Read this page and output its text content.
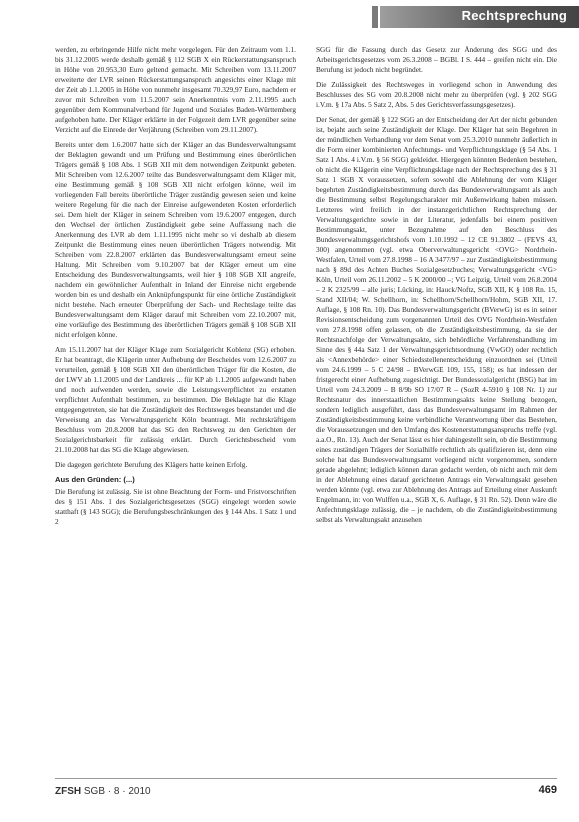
Rechtsprechung

werden, zu erbringende Hilfe nicht mehr vorgelegen. Für den Zeitraum vom 1.1. bis 31.12.2005 werde deshalb gemäß § 112 SGB X ein Rückerstattungsanspruch in Höhe von 20.953,30 Euro geltend gemacht. Mit Schreiben vom 13.11.2007 erweiterte der LVR seinen Rückerstattungsanspruch angesichts einer Klage mit der Zeit ab 1.1.2005 in Höhe von nunmehr insgesamt 70.329,97 Euro, nachdem er zuvor mit Schreiben vom 11.5.2007 sein Anerkenntnis vom 2.11.1995 auch gegenüber dem Kommunalverband für Jugend und Soziales Baden-Württemberg aufgehoben hatte. Der Kläger erklärte in der Folgezeit dem LVR gegenüber seine Verzicht auf die Einrede der Verjährung (Schreiben vom 29.11.2007).

Bereits unter dem 1.6.2007 hatte sich der Kläger an das Bundesverwaltungsamt der Beklagten gewandt und um Prüfung und Bestimmung eines überörtlichen Trägers gemäß § 108 Abs. 1 SGB XII mit dem notwendigen Zeitpunkt gebeten. Mit Schreiben vom 12.6.2007 teilte das Bundesverwaltungsamt dem Kläger mit, eine Bestimmung gemäß § 108 SGB XII nicht erfolgen könne, weil im vorliegenden Fall bereits überörtliche Träger zuständig gewesen seien und keine weitere Regelung für die nach der Einreise aufgewendeten Kosten erforderlich sei. Dem hielt der Kläger in seinem Schreiben vom 19.6.2007 entgegen, durch den Wechsel der örtlichen Zuständigkeit gebe seine Auffassung nach die Anerkennung des LVR ab dem 1.11.1995 nicht mehr so vi deshalb ab diesem Zeitpunkt die Bestimmung eines neuen überörtlichen Trägers notwendig. Mit Schreiben vom 22.8.2007 erklärten das Bundesverwaltungsamt erneut seine Haltung. Mit Schreiben vom 9.10.2007 bat der Kläger erneut um eine Entscheidung des Bundesverwaltungsamts, weil hier § 108 SGB XII angreife, nachdem ein gewöhnlicher Aufenthalt in Inland der Einreise nicht ergebende worden bin es und deshalb ein Anknüpfungspunkt für eine örtliche Zuständigkeit nicht bestehe. Nach erneuter Überprüfung der Sach- und Rechtslage teilte das Bundesverwaltungsamt dem Kläger darauf mit Schreiben vom 22.10.2007 mit, eine vorläufige des Bestimmung des überörtlichen Trägers gemäß § 108 SGB XII nicht erfolgen könne.

Am 15.11.2007 hat der Kläger Klage zum Sozialgericht Koblenz (SG) erhoben. Er hat beantragt, die Klägerin unter Aufhebung der Bescheides vom 12.6.2007 zu verurteilen, gemäß § 108 SGB XII den überörtlichen Träger für die Kosten, die der LWV ab 1.1.2005 und der Landkreis ... für KP ab 1.1.2005 aufgewandt haben und noch aufwenden werden, sowie die Leistungsverpflichtet zu erstatten verpflichtet Aufenthalt bestimmen, zu bestimmen. Die Beklagte hat die Klage entgegengetreten, sie hat die Zuständigkeit des Rechtsweges beanstandet und die Verweisung an das Verwaltungsgericht Köln beantragt. Mit rechtskräftigem Beschluss vom 20.8.2008 hat das SG den Rechtsweg zu den Gerichten der Sozialgerichtsbarkeit für zulässig erklärt. Durch Gerichtsbescheid vom 21.10.2008 hat das SG die Klage abgewiesen.

Die dagegen gerichtete Berufung des Klägers hatte keinen Erfolg.

Aus den Gründen: (...)

Die Berufung ist zulässig. Sie ist ohne Beachtung der Form- und Fristvorschriften des § 151 Abs. 1 des Sozialgerichtsgesetzes (SGG) eingelegt worden sowie statthaft (§ 143 SGG); die Berufungsbeschränkungen des § 144 Abs. 1 Satz 1 und 2

SGG für die Fassung durch das Gesetz zur Änderung des SGG und des Arbeitsgerichtsgesetzes vom 26.3.2008 – BGBl. I S. 444 – greifen nicht ein. Die Berufung ist jedoch nicht begründet.

Die Zulässigkeit des Rechtsweges in vorliegend schon in Anwendung des Beschlusses des SG vom 20.8.2008 nicht mehr zu überprüfen (vgl. § 202 SGG i.V.m. § 17a Abs. 5 Satz 2, Abs. 5 des Gerichtsverfassungsgesetzes).

Der Senat, der gemäß § 122 SGG an der Entscheidung der Art der nicht gebunden ist, bejaht auch seine Zuständigkeit der Klage. Der Kläger hat sein Begehren in der mündlichen Verhandlung vor dem Senat vom 25.3.2010 nunmehr äußerlich in die Form einer kombinierten Anfechtungs- und Verpflichtungsklage (§ 54 Abs. 1 Satz 1 Abs. 4 i.V.m. § 56 SGG) gekleidet. Hiergegen könnten Bedenken bestehen, ob nicht die Klägerin eine Verpflichtungsklage nach der Rechtsprechung des § 31 Satz 1 SGB X voraussetzen, sofern sowohl die Ablehnung der vom Kläger begehrten Zuständigkeitsbestimmung durch das Bundesverwaltungsamt als auch die Bestimmung selbst Regelungscharakter mit Außenwirkung haben müssen. Letzteres wird freilich in der instanzgerichtlichen Rechtsprechung der Verwaltungsgerichte sowie in der Literatur, jedenfalls bei einem positiven Bestimmungsakt, unter Bezugnahme auf den Beschluss des Bundesverwaltungsgerichtshofs vom 1.10.1992 – 12 CE 91.3802 – (FEVS 43, 300) angenommen (vgl. etwa Oberverwaltungsgericht <OVG> Nordrhein-Westfalen, Urteil vom 27.8.1998 – 16 A 3477/97 – zur Zuständigkeitsbestimmung nach § 89d des Achten Buches Sozialgesetzbuches; Verwaltungsgericht <VG> Köln, Urteil vom 26.11.2002 – 5 K 2000/00 –; VG Leipzig, Urteil vom 26.8.2004 – 2 K 2325/99 – alle juris; Lücking, in: Hauck/Noftz, SGB XII, K § 108 Rn. 15, Stand XII/04; W. Schellhorn, in: Schellhorn/Schellhorn/Hohm, SGB XII, 17. Auflage, § 108 Rn. 10). Das Bundesverwaltungsgericht (BVerwG) ist es in seiner Revisionsentscheidung zum vorgenannten Urteil des OVG Nordrhein-Westfalen vom 27.8.1998 offen gelassen, ob die Zuständigkeitsbestimmung, da sie der Rechtsnachfolge der Verwaltungsakte, sich behördliche Verfahrenshandlung im Sinne des § 44a Satz 1 der Verwaltungsgerichtsordnung (VwGO) oder rechtlich als <Annexbehörde> einer Schiedsstellenentscheidung einzuordnen sei (Urteil vom 24.6.1999 – 5 C 24/98 – BVerwGE 109, 155, 158); es hat indessen der fristgerecht einer Aufhebung zugesichtigt. Der Bundessozialgericht (BSG) hat im Urteil vom 24.3.2009 – B 8/9b SO 17/07 R – (SozR 4-5910 § 108 Nr. 1) zur Rechtsnatur des innerstaatlichen Bestimmungsakts keine Stellung bezogen, sondern lediglich ausgeführt, dass das Bundesverwaltungsamt im Rahmen der Zuständigkeitsbestimmung keine verbindliche Verantwortung über das Bestehen, die Voraussetzungen und den Umfang des Kostenerstattungsanspruchs treffe (vgl. a.a.O., Rn. 13). Auch der Senat lässt es hier dahingestellt sein, ob die Bestimmung eines zuständigen Trägers der Sozialhilfe rechtlich als qualifizieren ist, denn eine solche hat das Bundesverwaltungsamt vorliegend nicht vorgenommen, sondern gerade abgelehnt; lediglich können daran gedacht werden, ob nicht auch mit dem in der Ablehnung eines darauf gerichteten Antrags ein Verwaltungsakt gesehen werden könnte (vgl. etwa zur Ablehnung des Antrags auf Erteilung einer Auskunft Engelmann, in: von Wulffen u.a., SGB X, 6. Auflage, § 31 Rn. 52). Denn wäre die Anfechtungsklage zulässig, die – je nachdem, ob die Zuständigkeitsbestimmung selbst als Verwaltungsakt anzusehen

ZFSH SGB · 8 · 2010	469
